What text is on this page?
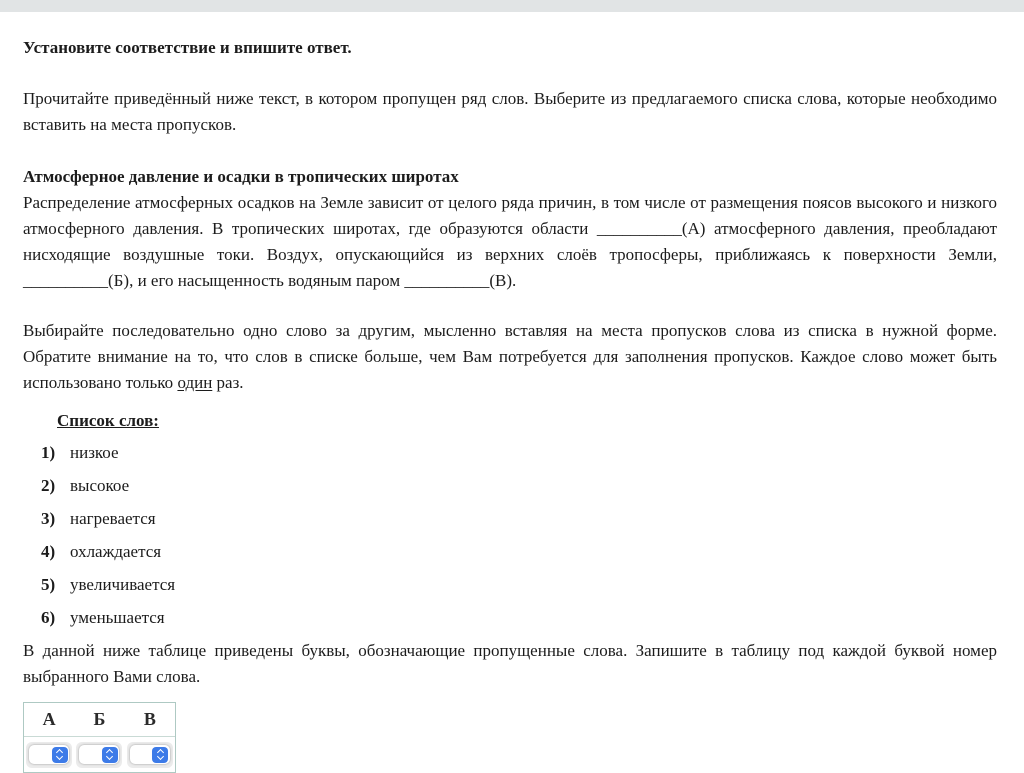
Установите соответствие и впишите ответ.

Прочитайте приведённый ниже текст, в котором пропущен ряд слов. Выберите из предлагаемого списка слова, которые необходимо вставить на места пропусков.

Атмосферное давление и осадки в тропических широтах

Распределение атмосферных осадков на Земле зависит от целого ряда причин, в том числе от размещения поясов высокого и низкого атмосферного давления. В тропических широтах, где образуются области __________(А) атмосферного давления, преобладают нисходящие воздушные токи. Воздух, опускающийся из верхних слоёв тропосферы, приближаясь к поверхности Земли, __________(Б), и его насыщенность водяным паром __________(В).

Выбирайте последовательно одно слово за другим, мысленно вставляя на места пропусков слова из списка в нужной форме. Обратите внимание на то, что слов в списке больше, чем Вам потребуется для заполнения пропусков. Каждое слово может быть использовано только один раз.

Список слов:
1) низкое
2) высокое
3) нагревается
4) охлаждается
5) увеличивается
6) уменьшается

В данной ниже таблице приведены буквы, обозначающие пропущенные слова. Запишите в таблицу под каждой буквой номер выбранного Вами слова.

А	Б	В
